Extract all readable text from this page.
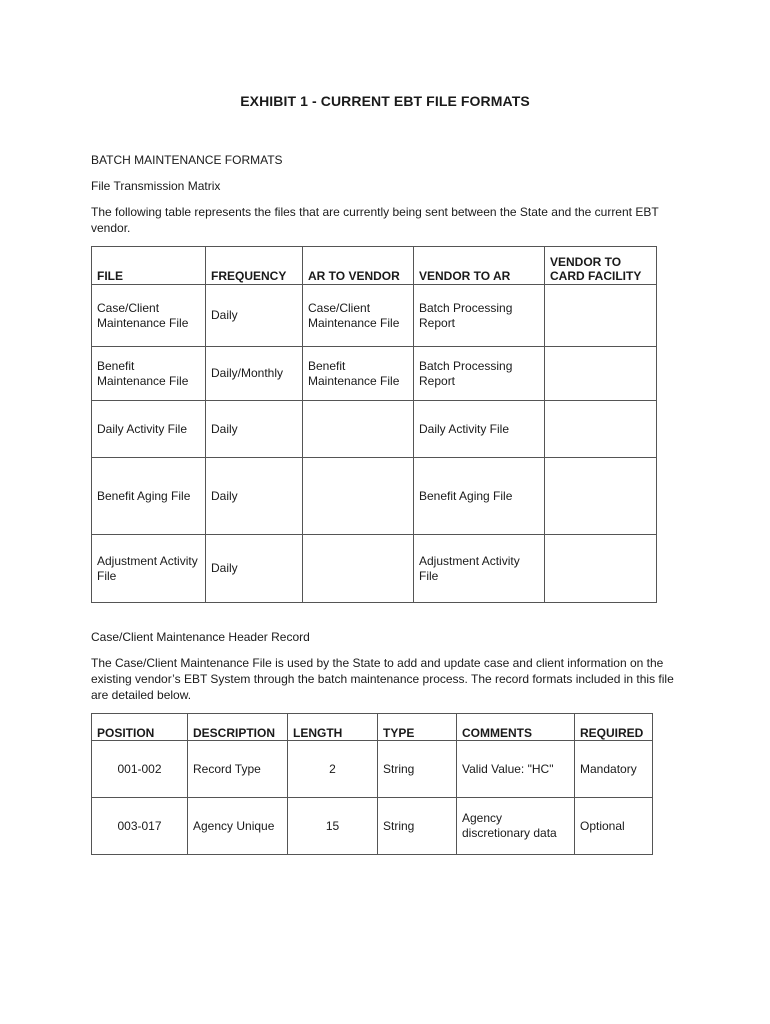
EXHIBIT 1 - CURRENT EBT FILE FORMATS

BATCH MAINTENANCE FORMATS

File Transmission Matrix

The following table represents the files that are currently being sent between the State and the current EBT vendor.

FILE	FREQUENCY	AR TO VENDOR	VENDOR TO AR	VENDOR TO CARD FACILITY
Case/Client Maintenance File	Daily	Case/Client Maintenance File	Batch Processing Report	
Benefit Maintenance File	Daily/Monthly	Benefit Maintenance File	Batch Processing Report	
Daily Activity File	Daily		Daily Activity File	
Benefit Aging File	Daily		Benefit Aging File	
Adjustment Activity File	Daily		Adjustment Activity File	

Case/Client Maintenance Header Record

The Case/Client Maintenance File is used by the State to add and update case and client information on the existing vendor’s EBT System through the batch maintenance process. The record formats included in this file are detailed below.

POSITION	DESCRIPTION	LENGTH	TYPE	COMMENTS	REQUIRED
001-002	Record Type	2	String	Valid Value: "HC"	Mandatory
003-017	Agency Unique	15	String	Agency discretionary data	Optional
